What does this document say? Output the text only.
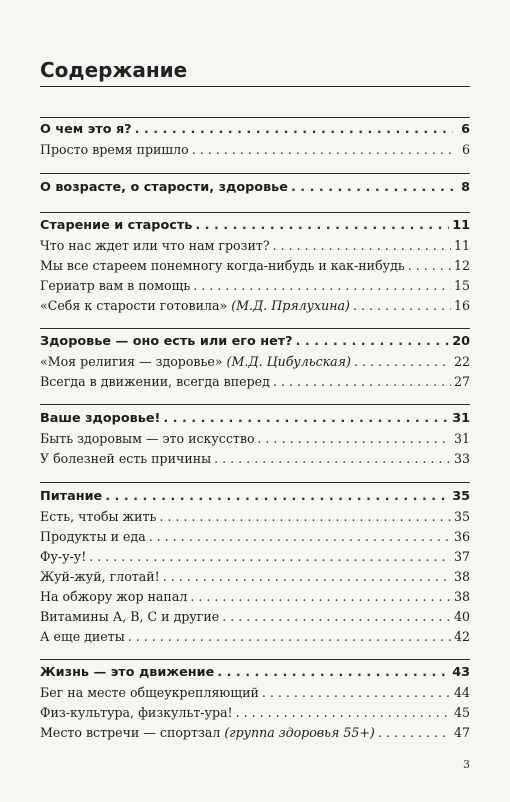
Содержание
О чем это я? . . .	6
Просто время пришло . . .	6
О возрасте, о старости, здоровье . . .	8
Старение и старость . . .	11
Что нас ждет или что нам грозит? . . .	11
Мы все стареем понемногу когда-нибудь и как-нибудь . . .	12
Гериатр вам в помощь . . .	15
«Себя к старости готовила» (М.Д. Прялухина) . . .	16
Здоровье — оно есть или его нет? . . .	20
«Моя религия — здоровье» (М.Д. Цибульская) . . .	22
Всегда в движении, всегда вперед . . .	27
Ваше здоровье! . . .	31
Быть здоровым — это искусство . . .	31
У болезней есть причины . . .	33
Питание . . .	35
Есть, чтобы жить . . .	35
Продукты и еда . . .	36
Фу-у-у! . . .	37
Жуй-жуй, глотай! . . .	38
На обжору жор напал . . .	38
Витамины А, В, С и другие . . .	40
А еще диеты . . .	42
Жизнь — это движение . . .	43
Бег на месте общеукрепляющий . . .	44
Физ-культура, физкульт-ура! . . .	45
Место встречи — спортзал (группа здоровья 55+) . . .	47
3
